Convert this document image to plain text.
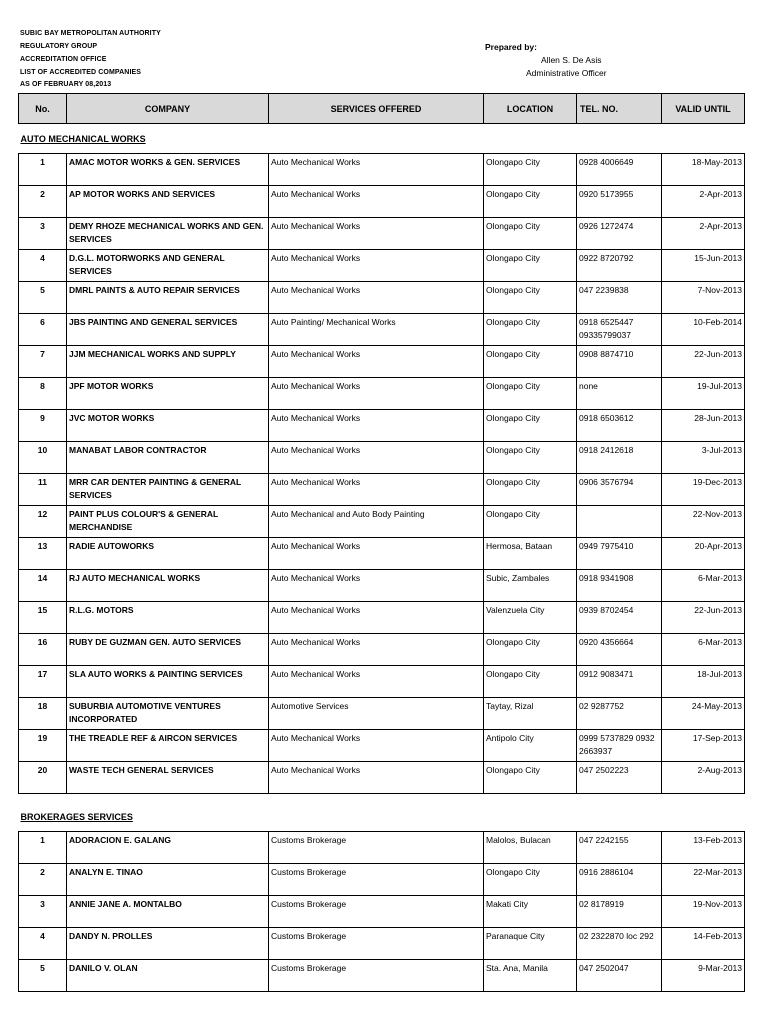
SUBIC BAY METROPOLITAN AUTHORITY
REGULATORY GROUP
ACCREDITATION OFFICE
LIST OF ACCREDITED COMPANIES
AS OF FEBRUARY 08,2013
Prepared by:
Allen S. De Asis
Administrative Officer
No.	COMPANY	SERVICES OFFERED	LOCATION	TEL. NO.	VALID UNTIL
AUTO MECHANICAL WORKS					
1	AMAC MOTOR WORKS & GEN. SERVICES	Auto Mechanical Works	Olongapo City	0928 4006649	18-May-2013
2	AP MOTOR WORKS AND SERVICES	Auto Mechanical Works	Olongapo City	0920 5173955	2-Apr-2013
3	DEMY RHOZE MECHANICAL WORKS AND GEN. SERVICES	Auto Mechanical Works	Olongapo City	0926 1272474	2-Apr-2013
4	D.G.L. MOTORWORKS AND GENERAL SERVICES	Auto Mechanical Works	Olongapo City	0922 8720792	15-Jun-2013
5	DMRL PAINTS & AUTO REPAIR SERVICES	Auto Mechanical Works	Olongapo City	047 2239838	7-Nov-2013
6	JBS PAINTING AND GENERAL SERVICES	Auto Painting/ Mechanical Works	Olongapo City	0918 6525447 09335799037	10-Feb-2014
7	JJM MECHANICAL WORKS AND SUPPLY	Auto Mechanical Works	Olongapo City	0908 8874710	22-Jun-2013
8	JPF MOTOR WORKS	Auto Mechanical Works	Olongapo City	none	19-Jul-2013
9	JVC MOTOR WORKS	Auto Mechanical Works	Olongapo City	0918 6503612	28-Jun-2013
10	MANABAT LABOR CONTRACTOR	Auto Mechanical Works	Olongapo City	0918 2412618	3-Jul-2013
11	MRR CAR DENTER PAINTING & GENERAL SERVICES	Auto Mechanical Works	Olongapo City	0906 3576794	19-Dec-2013
12	PAINT PLUS COLOUR'S & GENERAL MERCHANDISE	Auto Mechanical and Auto Body Painting	Olongapo City		22-Nov-2013
13	RADIE AUTOWORKS	Auto Mechanical Works	Hermosa, Bataan	0949 7975410	20-Apr-2013
14	RJ AUTO MECHANICAL WORKS	Auto Mechanical Works	Subic, Zambales	0918 9341908	6-Mar-2013
15	R.L.G. MOTORS	Auto Mechanical Works	Valenzuela City	0939 8702454	22-Jun-2013
16	RUBY DE GUZMAN GEN. AUTO SERVICES	Auto Mechanical Works	Olongapo City	0920 4356664	6-Mar-2013
17	SLA AUTO WORKS & PAINTING SERVICES	Auto Mechanical Works	Olongapo City	0912 9083471	18-Jul-2013
18	SUBURBIA AUTOMOTIVE VENTURES INCORPORATED	Automotive Services	Taytay, Rizal	02 9287752	24-May-2013
19	THE TREADLE REF & AIRCON SERVICES	Auto Mechanical Works	Antipolo City	0999 5737829 0932 2663937	17-Sep-2013
20	WASTE TECH GENERAL SERVICES	Auto Mechanical Works	Olongapo City	047 2502223	2-Aug-2013

BROKERAGES SERVICES					
1	ADORACION E. GALANG	Customs Brokerage	Malolos, Bulacan	047 2242155	13-Feb-2013
2	ANALYN E. TINAO	Customs Brokerage	Olongapo City	0916 2886104	22-Mar-2013
3	ANNIE JANE A. MONTALBO	Customs Brokerage	Makati City	02 8178919	19-Nov-2013
4	DANDY N. PROLLES	Customs Brokerage	Paranaque City	02 2322870 loc 292	14-Feb-2013
5	DANILO V. OLAN	Customs Brokerage	Sta. Ana, Manila	047 2502047	9-Mar-2013
